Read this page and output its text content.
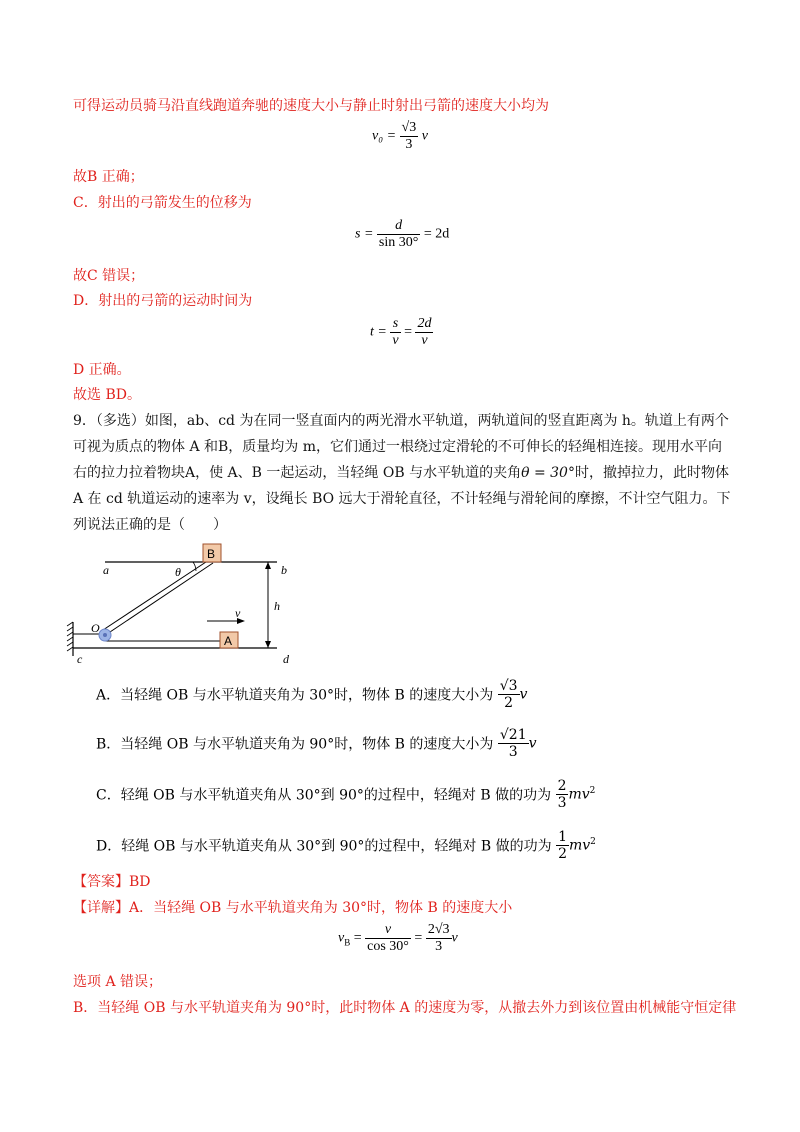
可得运动员骑马沿直线跑道奔驰的速度大小与静止时射出弓箭的速度大小均为
$v_0 = \frac{√3}{3}$ v
故B 正确；
C．射出的弓箭发生的位移为
$s = \frac{d}{\sin 30^\circ} = 2d$
故C 错误；
D．射出的弓箭的运动时间为
$t = \frac{s}{v} = \frac{2d}{v}$
D 正确。
故选 BD。
9．（多选）如图，ab、cd 为在同一竖直面内的两光滑水平轨道，两轨道间的竖直距离为 h。轨道上有两个
可视为质点的物体 A 和B，质量均为 m，它们通过一根绕过定滑轮的不可伸长的轻绳相连接。现用水平向
右的拉力拉着物块A，使 A、B 一起运动，当轻绳 OB 与水平轨道的夹角θ = 30°时，撤掉拉力，此时物体
A 在 cd 轨道运动的速率为 v，设绳长 BO 远大于滑轮直径，不计轻绳与滑轮间的摩擦，不计空气阻力。下
列说法正确的是（　　）
a	b
c	d
O
B
A
h
θ
v
A．当轻绳 OB 与水平轨道夹角为 30°时，物体 B 的速度大小为 $\frac{√3}{2}$ v
B．当轻绳 OB 与水平轨道夹角为 90°时，物体 B 的速度大小为 $\frac{√21}{3}$ v
C．轻绳 OB 与水平轨道夹角从 30°到 90°的过程中，轻绳对 B 做的功为 $\frac{2}{3} mv^2$
D．轻绳 OB 与水平轨道夹角从 30°到 90°的过程中，轻绳对 B 做的功为 $\frac{1}{2} mv^2$
【答案】BD
【详解】A．当轻绳 OB 与水平轨道夹角为 30°时，物体 B 的速度大小
$v_B = \frac{v}{\cos 30^\circ} = \frac{2√3}{3}$ v
选项 A 错误；
B．当轻绳 OB 与水平轨道夹角为 90°时，此时物体 A 的速度为零，从撤去外力到该位置由机械能守恒定律
